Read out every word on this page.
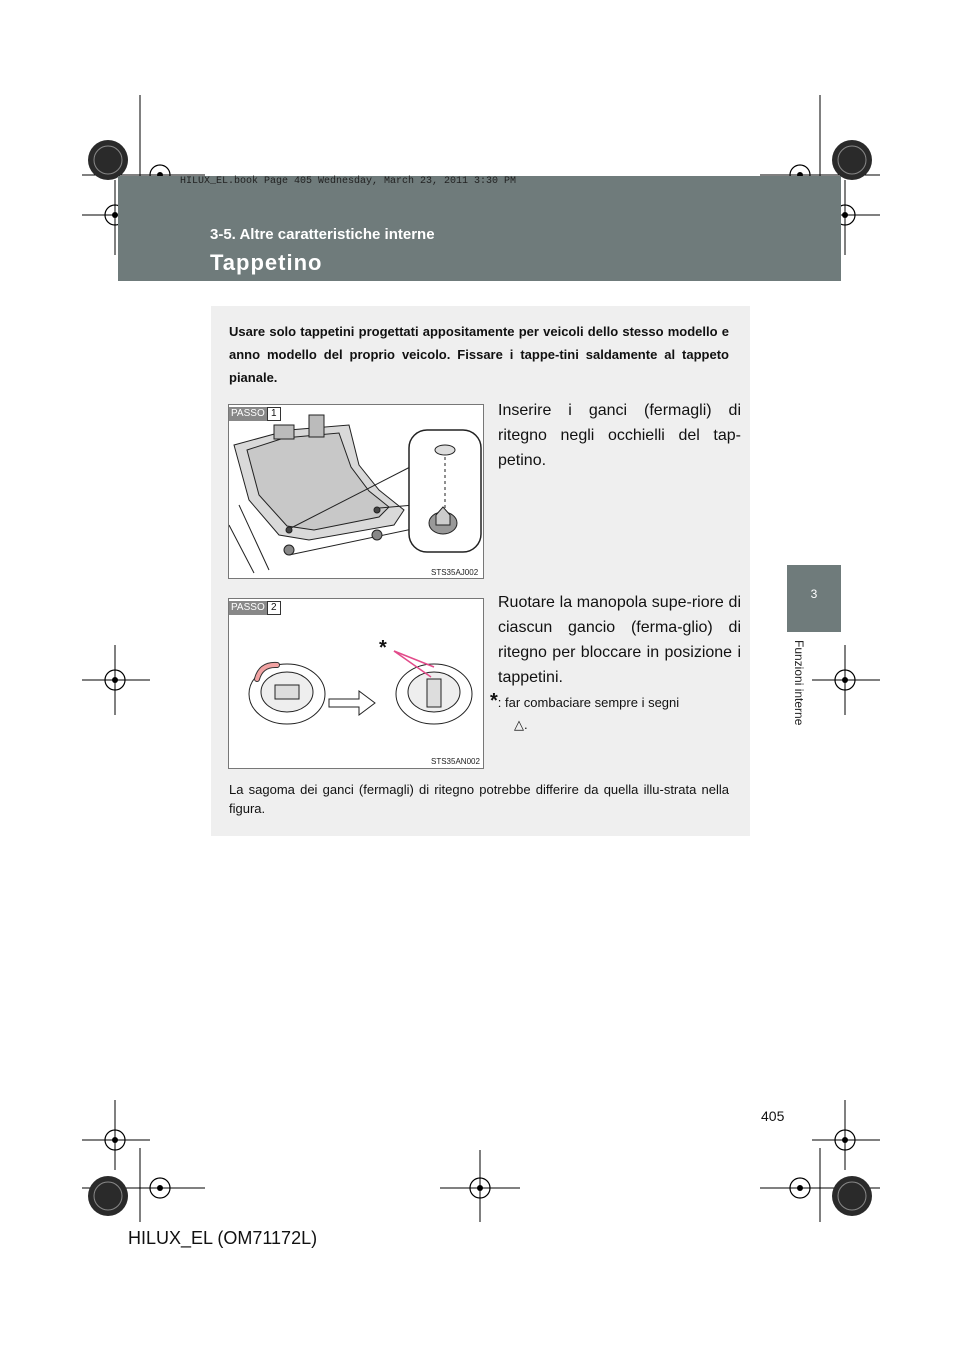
HILUX_EL.book Page 405 Wednesday, March 23, 2011 3:30 PM
3-5. Altre caratteristiche interne
Tappetino
3
Funzioni interne
Usare solo tappetini progettati appositamente per veicoli dello stesso modello e anno modello del proprio veicolo. Fissare i tappe-tini saldamente al tappeto pianale.
PASSO 1
STS35AJ002
Inserire i ganci (fermagli) di ritegno negli occhielli del tap-petino.
PASSO 2
*
STS35AN002
Ruotare la manopola supe-riore di ciascun gancio (ferma-glio) di ritegno per bloccare in posizione i tappetini.
*: far combaciare sempre i segni
△.
La sagoma dei ganci (fermagli) di ritegno potrebbe differire da quella illu-strata nella figura.
405
HILUX_EL (OM71172L)
